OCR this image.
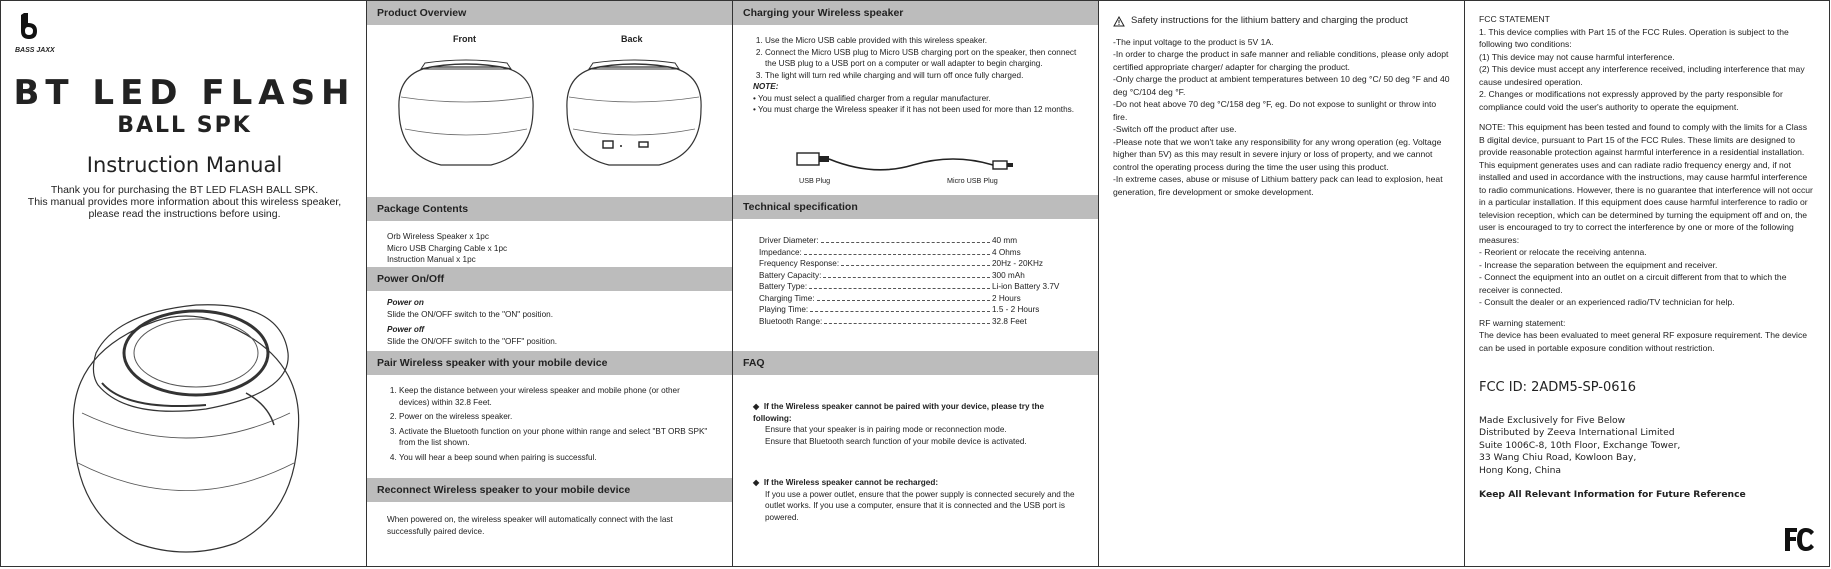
BASS JAXX
BT LED FLASH
BALL SPK
Instruction Manual
Thank you for purchasing the BT LED FLASH BALL SPK.
This manual provides more information about this wireless speaker,
please read the instructions before using.
Product Overview
Front	Back
Package Contents

Orb Wireless Speaker x 1pc

Micro USB Charging Cable x 1pc

Instruction Manual x 1pc

Power On/Off

Power on

Slide the ON/OFF switch to the "ON" position.

Power off

Slide the ON/OFF switch to the "OFF" position.

Pair Wireless speaker with your mobile device
1. Keep the distance between your wireless speaker and mobile phone (or other devices) within 32.8 Feet.
2. Power on the wireless speaker.
3. Activate the Bluetooth function on your phone within range and select "BT ORB SPK" from the list shown.
4. You will hear a beep sound when pairing is successful.
Reconnect Wireless speaker to your mobile device

When powered on, the wireless speaker will automatically connect with the last successfully paired device.

Charging your Wireless speaker
1. Use the Micro USB cable provided with this wireless speaker.
2. Connect the Micro USB plug to Micro USB charging port on the speaker, then connect the USB plug to a USB port on a computer or wall adapter to begin charging.
3. The light will turn red while charging and will turn off once fully charged.

NOTE:

• You must select a qualified charger from a regular manufacturer.

• You must charge the Wireless speaker if it has not been used for more than 12 months.

USB Plug	Micro USB Plug
Technical specification
Driver Diameter:	40 mm
Impedance:	4 Ohms
Frequency Response:	20Hz - 20KHz
Battery Capacity:	300 mAh
Battery Type:	Li-ion Battery 3.7V
Charging Time:	2 Hours
Playing Time:	1.5 - 2 Hours
Bluetooth Range:	32.8 Feet
FAQ

◆  If the Wireless speaker cannot be paired with your device, please try the following:

Ensure that your speaker is in pairing mode or reconnection mode.

Ensure that Bluetooth search function of your mobile device is activated.

◆  If the Wireless speaker cannot be recharged:

If you use a power outlet, ensure that the power supply is connected securely and the outlet works. If you use a computer, ensure that it is connected and the USB port is powered.

Safety instructions for the lithium battery and charging the product

-The input voltage to the product is 5V 1A.

-In order to charge the product in safe manner and reliable conditions, please only adopt certified appropriate charger/ adapter for charging the product.

-Only charge the product at ambient temperatures between 10 deg °C/ 50 deg °F and 40 deg °C/104 deg °F.

-Do not heat above 70 deg °C/158 deg °F, eg. Do not expose to sunlight or throw into fire.

-Switch off the product after use.

-Please note that we won't take any responsibility for any wrong operation (eg. Voltage higher than 5V) as this may result in severe injury or loss of property, and we cannot control the operating process during the time the user using this product.

-In extreme cases, abuse or misuse of Lithium battery pack can lead to explosion, heat generation, fire development or smoke development.

FCC STATEMENT

1. This device complies with Part 15 of the FCC Rules. Operation is subject to the following two conditions:

(1) This device may not cause harmful interference.

(2) This device must accept any interference received, including interference that may cause undesired operation.

2. Changes or modifications not expressly approved by the party responsible for compliance could void the user's authority to operate the equipment.

NOTE: This equipment has been tested and found to comply with the limits for a Class B digital device, pursuant to Part 15 of the FCC Rules. These limits are designed to provide reasonable protection against harmful interference in a residential installation. This equipment generates uses and can radiate radio frequency energy and, if not installed and used in accordance with the instructions, may cause harmful interference to radio communications. However, there is no guarantee that interference will not occur in a particular installation. If this equipment does cause harmful interference to radio or television reception, which can be determined by turning the equipment off and on, the user is encouraged to try to correct the interference by one or more of the following measures:

- Reorient or relocate the receiving antenna.

- Increase the separation between the equipment and receiver.

- Connect the equipment into an outlet on a circuit different from that to which the receiver is connected.

- Consult the dealer or an experienced radio/TV technician for help.

RF warning statement:

The device has been evaluated to meet general RF exposure requirement. The device can be used in portable exposure condition without restriction.

FCC ID: 2ADM5-SP-0616
Made Exclusively for Five Below
Distributed by Zeeva International Limited
Suite 1006C-8, 10th Floor, Exchange Tower,
33 Wang Chiu Road, Kowloon Bay,
Hong Kong, China
Keep All Relevant Information for Future Reference
